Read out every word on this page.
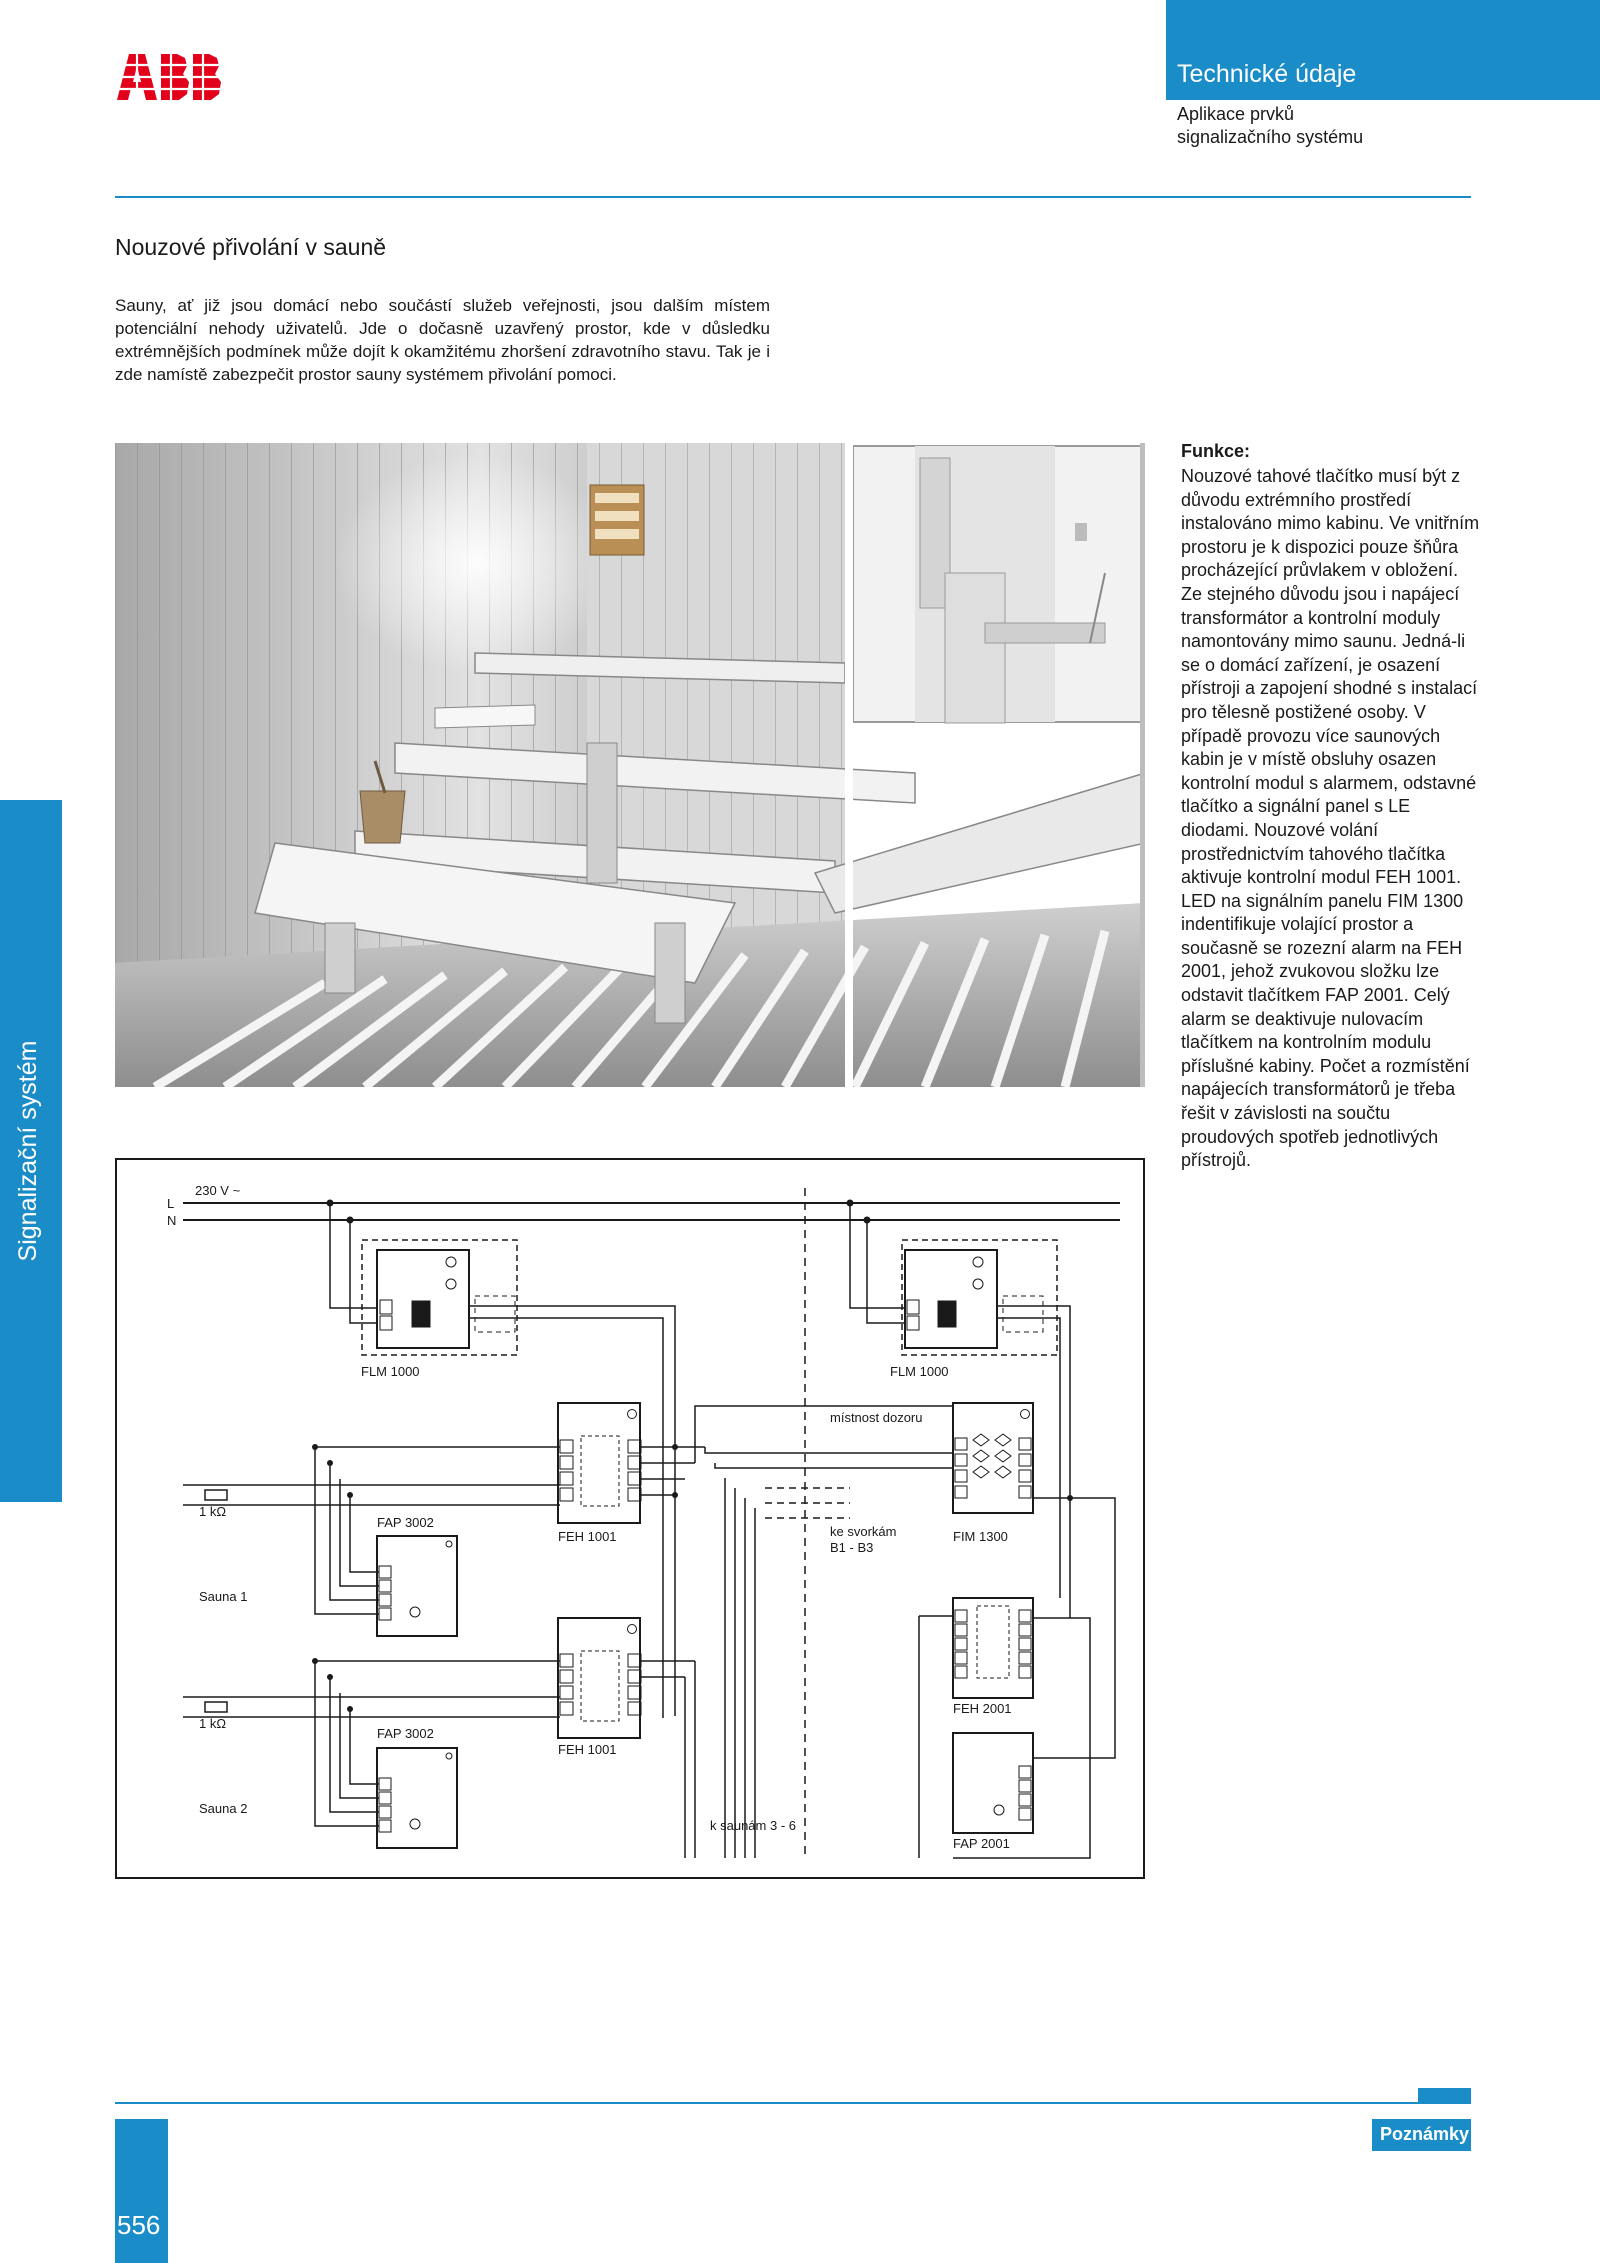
Technické údaje
Aplikace prvků
signalizačního systému
Nouzové přivolání v sauně
Sauny, ať již jsou domácí nebo součástí služeb veřejnosti, jsou dalším místem potenciální nehody uživatelů. Jde o dočasně uzavřený prostor, kde v důsledku extrémnějších podmínek může dojít k okamžitému zhoršení zdravotního stavu. Tak je i zde namístě zabezpečit prostor sauny systémem přivolání pomoci.
Signalizační systém
Funkce:
Nouzové tahové tlačítko musí být z důvodu extrémního prostředí instalováno mimo kabinu. Ve vnitřním prostoru je k dispozici pouze šňůra procházející průvlakem v obložení. Ze stejného důvodu jsou i napájecí transformátor a kontrolní moduly namontovány mimo saunu. Jedná-li se o domácí zařízení, je osazení přístroji a zapojení shodné s instalací pro tělesně postižené osoby. V případě provozu více saunových kabin je v místě obsluhy osazen kontrolní modul s alarmem, odstavné tlačítko a signální panel s LE diodami. Nouzové volání prostřednictvím tahového tlačítka aktivuje kontrolní modul FEH 1001. LED na signálním panelu FIM 1300 indentifikuje volající prostor a současně se rozezní alarm na FEH 2001, jehož zvukovou složku lze odstavit tlačítkem FAP 2001. Celý alarm se deaktivuje nulovacím tlačítkem na kontrolním modulu příslušné kabiny. Počet a rozmístění napájecích transformátorů je třeba řešit v závislosti na součtu proudových spotřeb jednotlivých přístrojů.
230 V ~
L
N
FLM 1000	FLM 1000
místnost dozoru
FIM 1300
FEH 1001
FEH 1001
FAP 3002
FAP 3002
1 kΩ
1 kΩ
Sauna 1
Sauna 2
ke svorkám
B1 - B3
k saunám 3 - 6
FEH 2001
FAP 2001
556
Poznámky
